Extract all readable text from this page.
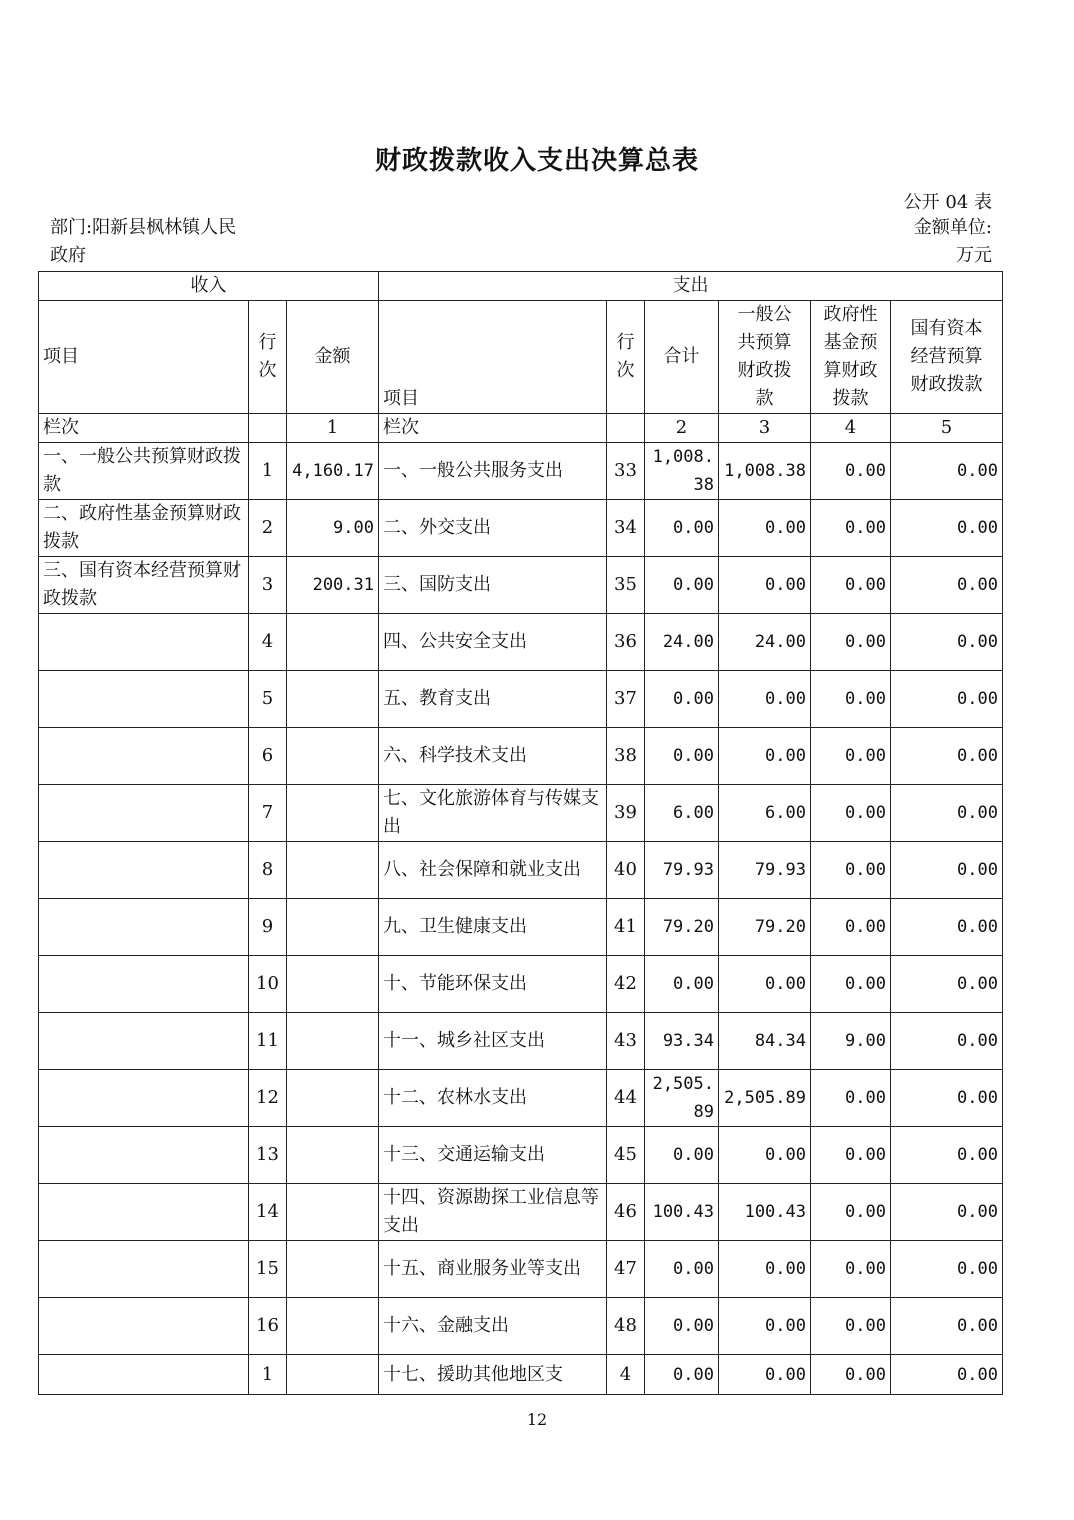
财政拨款收入支出决算总表
公开 04 表
部门:阳新县枫林镇人民政府
金额单位:万元
收入			支出					
项目	行次	金额	项目	行次	合计	一般公共预算财政拨款	政府性基金预算财政拨款	国有资本经营预算财政拨款
栏次		1	栏次		2	3	4	5
一、一般公共预算财政拨款	1	4,160.17	一、一般公共服务支出	33	1,008.38	1,008.38	0.00	0.00
二、政府性基金预算财政拨款	2	9.00	二、外交支出	34	0.00	0.00	0.00	0.00
三、国有资本经营预算财政拨款	3	200.31	三、国防支出	35	0.00	0.00	0.00	0.00
	4		四、公共安全支出	36	24.00	24.00	0.00	0.00
	5		五、教育支出	37	0.00	0.00	0.00	0.00
	6		六、科学技术支出	38	0.00	0.00	0.00	0.00
	7		七、文化旅游体育与传媒支出	39	6.00	6.00	0.00	0.00
	8		八、社会保障和就业支出	40	79.93	79.93	0.00	0.00
	9		九、卫生健康支出	41	79.20	79.20	0.00	0.00
	10		十、节能环保支出	42	0.00	0.00	0.00	0.00
	11		十一、城乡社区支出	43	93.34	84.34	9.00	0.00
	12		十二、农林水支出	44	2,505.89	2,505.89	0.00	0.00
	13		十三、交通运输支出	45	0.00	0.00	0.00	0.00
	14		十四、资源勘探工业信息等支出	46	100.43	100.43	0.00	0.00
	15		十五、商业服务业等支出	47	0.00	0.00	0.00	0.00
	16		十六、金融支出	48	0.00	0.00	0.00	0.00
	1		十七、援助其他地区支	4	0.00	0.00	0.00	0.00
12
